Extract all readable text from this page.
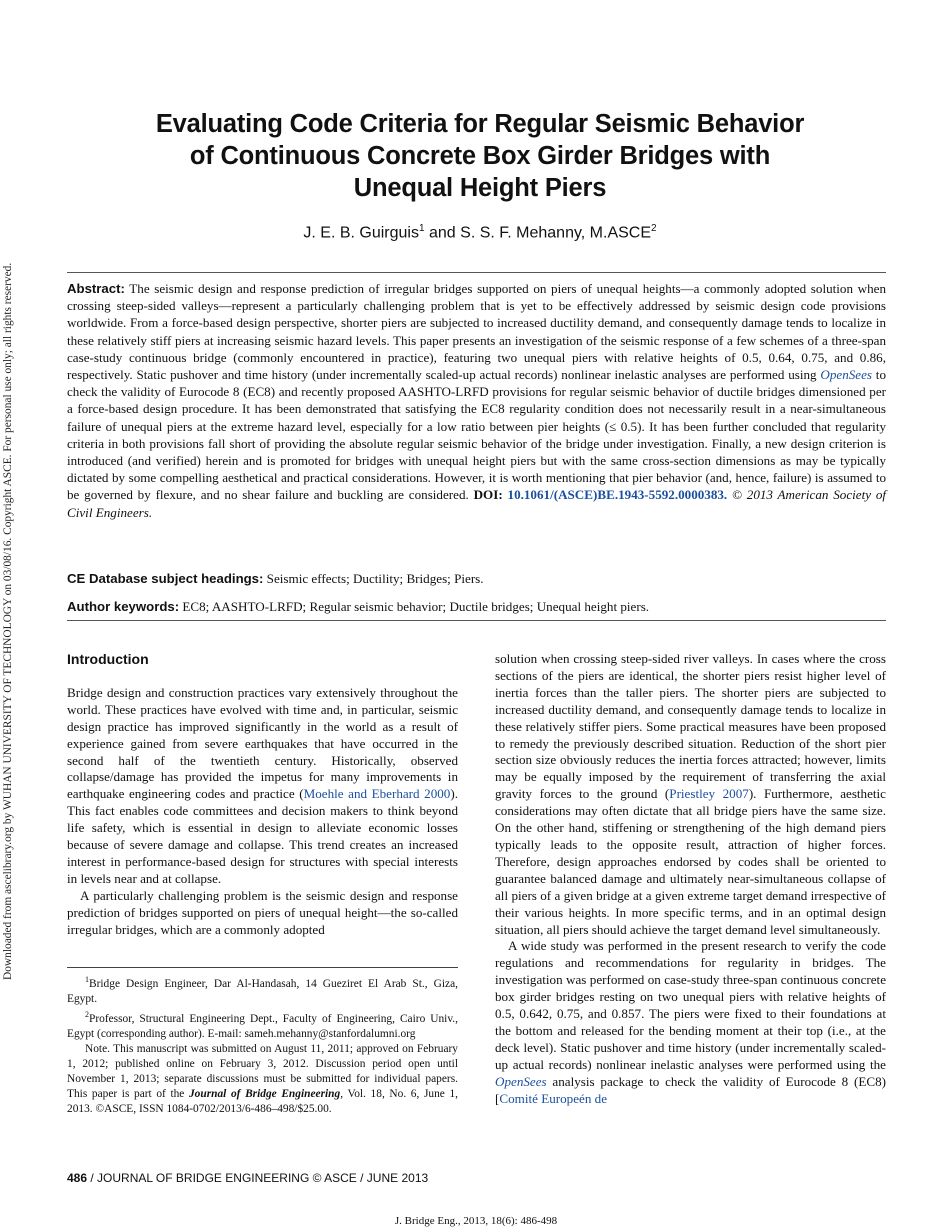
Downloaded from ascelibrary.org by WUHAN UNIVERSITY OF TECHNOLOGY on 03/08/16. Copyright ASCE. For personal use only; all rights reserved.
Evaluating Code Criteria for Regular Seismic Behavior
of Continuous Concrete Box Girder Bridges with
Unequal Height Piers
J. E. B. Guirguis$^1$ and S. S. F. Mehanny, M.ASCE$^2$
Abstract: The seismic design and response prediction of irregular bridges supported on piers of unequal heights—a commonly adopted solution when crossing steep-sided valleys—represent a particularly challenging problem that is yet to be effectively addressed by seismic design code provisions worldwide. From a force-based design perspective, shorter piers are subjected to increased ductility demand, and consequently damage tends to localize in these relatively stiff piers at increasing seismic hazard levels. This paper presents an investigation of the seismic response of a few schemes of a three-span case-study continuous bridge (commonly encountered in practice), featuring two unequal piers with relative heights of 0.5, 0.64, 0.75, and 0.86, respectively. Static pushover and time history (under incrementally scaled-up actual records) nonlinear inelastic analyses are performed using OpenSees to check the validity of Eurocode 8 (EC8) and recently proposed AASHTO-LRFD provisions for regular seismic behavior of ductile bridges dimensioned per a force-based design procedure. It has been demonstrated that satisfying the EC8 regularity condition does not necessarily result in a near-simultaneous failure of unequal piers at the extreme hazard level, especially for a low ratio between pier heights (≤ 0.5). It has been further concluded that regularity criteria in both provisions fall short of providing the absolute regular seismic behavior of the bridge under investigation. Finally, a new design criterion is introduced (and verified) herein and is promoted for bridges with unequal height piers but with the same cross-section dimensions as may be typically dictated by some compelling aesthetical and practical considerations. However, it is worth mentioning that pier behavior (and, hence, failure) is assumed to be governed by flexure, and no shear failure and buckling are considered. DOI: 10.1061/(ASCE)BE.1943-5592.0000383. © 2013 American Society of Civil Engineers.
CE Database subject headings: Seismic effects; Ductility; Bridges; Piers.
Author keywords: EC8; AASHTO-LRFD; Regular seismic behavior; Ductile bridges; Unequal height piers.
Introduction

Bridge design and construction practices vary extensively throughout the world. These practices have evolved with time and, in particular, seismic design practice has improved significantly in the world as a result of experience gained from severe earthquakes that have occurred in the second half of the twentieth century. Historically, observed collapse/damage has provided the impetus for many improvements in earthquake engineering codes and practice (Moehle and Eberhard 2000). This fact enables code committees and decision makers to think beyond life safety, which is essential in design to alleviate economic losses because of severe damage and collapse. This trend creates an increased interest in performance-based design for structures with special interests in levels near and at collapse.

A particularly challenging problem is the seismic design and response prediction of bridges supported on piers of unequal height—the so-called irregular bridges, which are a commonly adopted

solution when crossing steep-sided river valleys. In cases where the cross sections of the piers are identical, the shorter piers resist higher level of inertia forces than the taller piers. The shorter piers are subjected to increased ductility demand, and consequently damage tends to localize in these relatively stiffer piers. Some practical measures have been proposed to remedy the previously described situation. Reduction of the short pier section size obviously reduces the inertia forces attracted; however, limits may be equally imposed by the requirement of transferring the axial gravity forces to the ground (Priestley 2007). Furthermore, aesthetic considerations may often dictate that all bridge piers have the same size. On the other hand, stiffening or strengthening of the high demand piers typically leads to the opposite result, attraction of higher forces. Therefore, design approaches endorsed by codes shall be oriented to guarantee balanced damage and ultimately near-simultaneous collapse of all piers of a given bridge at a given extreme target demand irrespective of their various heights. In more specific terms, and in an optimal design situation, all piers should achieve the target demand level simultaneously.

A wide study was performed in the present research to verify the code regulations and recommendations for regularity in bridges. The investigation was performed on case-study three-span continuous concrete box girder bridges resting on two unequal piers with relative heights of 0.5, 0.642, 0.75, and 0.857. The piers were fixed to their foundations at the bottom and released for the bending moment at their top (i.e., at the deck level). Static pushover and time history (under incrementally scaled-up actual records) nonlinear inelastic analyses were performed using the OpenSees analysis package to check the validity of Eurocode 8 (EC8) [Comité Europeén de

$^1$Bridge Design Engineer, Dar Al-Handasah, 14 Gueziret El Arab St., Giza, Egypt.

$^2$Professor, Structural Engineering Dept., Faculty of Engineering, Cairo Univ., Egypt (corresponding author). E-mail: sameh.mehanny@stanfordalumni.org

Note. This manuscript was submitted on August 11, 2011; approved on February 1, 2012; published online on February 3, 2012. Discussion period open until November 1, 2013; separate discussions must be submitted for individual papers. This paper is part of the Journal of Bridge Engineering, Vol. 18, No. 6, June 1, 2013. ©ASCE, ISSN 1084-0702/2013/6-486–498/$25.00.

486 / JOURNAL OF BRIDGE ENGINEERING © ASCE / JUNE 2013
J. Bridge Eng., 2013, 18(6): 486-498
